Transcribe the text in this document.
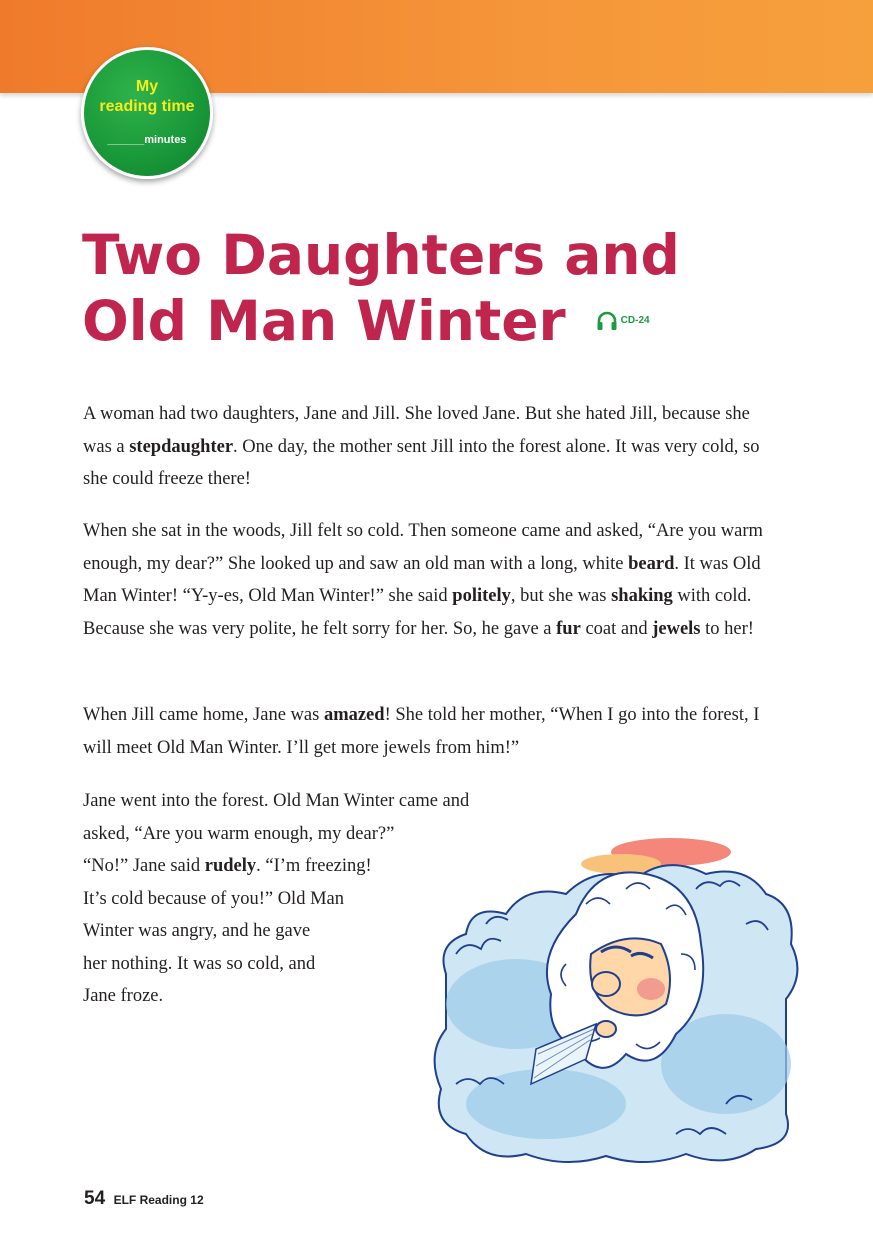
My
reading time
______minutes
Two Daughters and
Old Man Winter	CD-24

A woman had two daughters, Jane and Jill. She loved Jane. But she hated Jill, because she was a stepdaughter. One day, the mother sent Jill into the forest alone. It was very cold, so she could freeze there!

When she sat in the woods, Jill felt so cold. Then someone came and asked, “Are you warm enough, my dear?” She looked up and saw an old man with a long, white beard. It was Old Man Winter! “Y-y-es, Old Man Winter!” she said politely, but she was shaking with cold. Because she was very polite, he felt sorry for her. So, he gave a fur coat and jewels to her!

When Jill came home, Jane was amazed! She told her mother, “When I go into the forest, I will meet Old Man Winter. I’ll get more jewels from him!”

Jane went into the forest. Old Man Winter came and
asked, “Are you warm enough, my dear?”
“No!” Jane said rudely. “I’m freezing!
It’s cold because of you!” Old Man
Winter was angry, and he gave
her nothing. It was so cold, and
Jane froze.

54 ELF Reading 12
